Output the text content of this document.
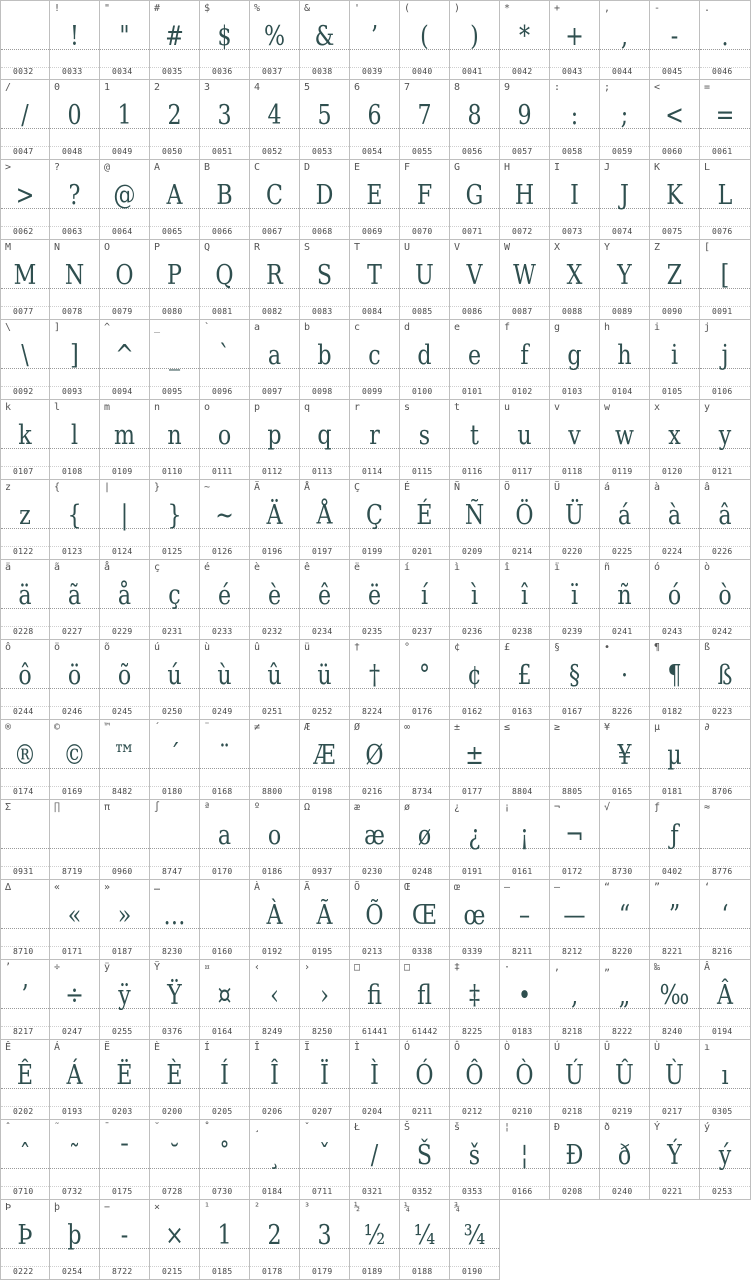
0032
!
!
0033
"
"
0034
#
#
0035
$
$
0036
%
%
0037
&
&
0038
'
’
0039
(
(
0040
)
)
0041
*
*
0042
+
+
0043
,
,
0044
-
-
0045
.
.
0046
/
/
0047
0
0
0048
1
1
0049
2
2
0050
3
3
0051
4
4
0052
5
5
0053
6
6
0054
7
7
0055
8
8
0056
9
9
0057
:
:
0058
;
;
0059
<
<
0060
=
=
0061
>
>
0062
?
?
0063
@
@
0064
A
A
0065
B
B
0066
C
C
0067
D
D
0068
E
E
0069
F
F
0070
G
G
0071
H
H
0072
I
I
0073
J
J
0074
K
K
0075
L
L
0076
M
M
0077
N
N
0078
O
O
0079
P
P
0080
Q
Q
0081
R
R
0082
S
S
0083
T
T
0084
U
U
0085
V
V
0086
W
W
0087
X
X
0088
Y
Y
0089
Z
Z
0090
[
[
0091
\
\
0092
]
]
0093
^
^
0094
_
_
0095
`
`
0096
a
a
0097
b
b
0098
c
c
0099
d
d
0100
e
e
0101
f
f
0102
g
g
0103
h
h
0104
i
i
0105
j
j
0106
k
k
0107
l
l
0108
m
m
0109
n
n
0110
o
o
0111
p
p
0112
q
q
0113
r
r
0114
s
s
0115
t
t
0116
u
u
0117
v
v
0118
w
w
0119
x
x
0120
y
y
0121
z
z
0122
{
{
0123
|
|
0124
}
}
0125
~
~
0126
Ä
Ä
0196
Å
Å
0197
Ç
Ç
0199
É
É
0201
Ñ
Ñ
0209
Ö
Ö
0214
Ü
Ü
0220
á
á
0225
à
à
0224
â
â
0226
ä
ä
0228
ã
ã
0227
å
å
0229
ç
ç
0231
é
é
0233
è
è
0232
ê
ê
0234
ë
ë
0235
í
í
0237
ì
ì
0236
î
î
0238
ï
ï
0239
ñ
ñ
0241
ó
ó
0243
ò
ò
0242
ô
ô
0244
ö
ö
0246
õ
õ
0245
ú
ú
0250
ù
ù
0249
û
û
0251
ü
ü
0252
†
†
8224
°
°
0176
¢
¢
0162
£
£
0163
§
§
0167
•
·
8226
¶
¶
0182
ß
ß
0223
®
®
0174
©
©
0169
™
™
8482
´
´
0180
¨
¨
0168
≠
8800
Æ
Æ
0198
Ø
Ø
0216
∞
8734
±
±
0177
≤
8804
≥
8805
¥
¥
0165
µ
µ
0181
∂
8706
Σ
0931
∏
8719
π
0960
∫
8747
ª
a
0170
º
o
0186
Ω
0937
æ
æ
0230
ø
ø
0248
¿
¿
0191
¡
¡
0161
¬
¬
0172
√
8730
ƒ
ƒ
0402
≈
8776
∆
8710
«
«
0171
»
»
0187
…
…
8230	0160
À
À
0192
Ã
Ã
0195
Õ
Õ
0213
Œ
Œ
0338
œ
œ
0339
–
–
8211
—
—
8212
“
“
8220
”
”
8221
‘
‘
8216
’
’
8217
÷
÷
0247
ÿ
ÿ
0255
Ÿ
Ÿ
0376
¤
¤
0164
‹
‹
8249
›
›
8250
□
ﬁ
61441
□
ﬂ
61442
‡
‡
8225
·
•
0183
‚
‚
8218
„
„
8222
‰
‰
8240
Â
Â
0194
Ê
Ê
0202
Á
Á
0193
Ë
Ë
0203
È
È
0200
Í
Í
0205
Î
Î
0206
Ï
Ï
0207
Ì
Ì
0204
Ó
Ó
0211
Ô
Ô
0212
Ò
Ò
0210
Ú
Ú
0218
Û
Û
0219
Ù
Ù
0217
ı
ı
0305
ˆ
ˆ
0710
˜
˜
0732
¯
¯
0175
˘
˘
0728
˚
˚
0730
¸
¸
0184
ˇ
ˇ
0711
Ł
/
0321
Š
Š
0352
š
š
0353
¦
¦
0166
Ð
Ð
0208
ð
ð
0240
Ý
Ý
0221
ý
ý
0253
Þ
Þ
0222
þ
þ
0254
−
-
8722
×
×
0215
¹
1
0185
²
2
0178
³
3
0179
½
½
0189
¼
¼
0188
¾
¾
0190
